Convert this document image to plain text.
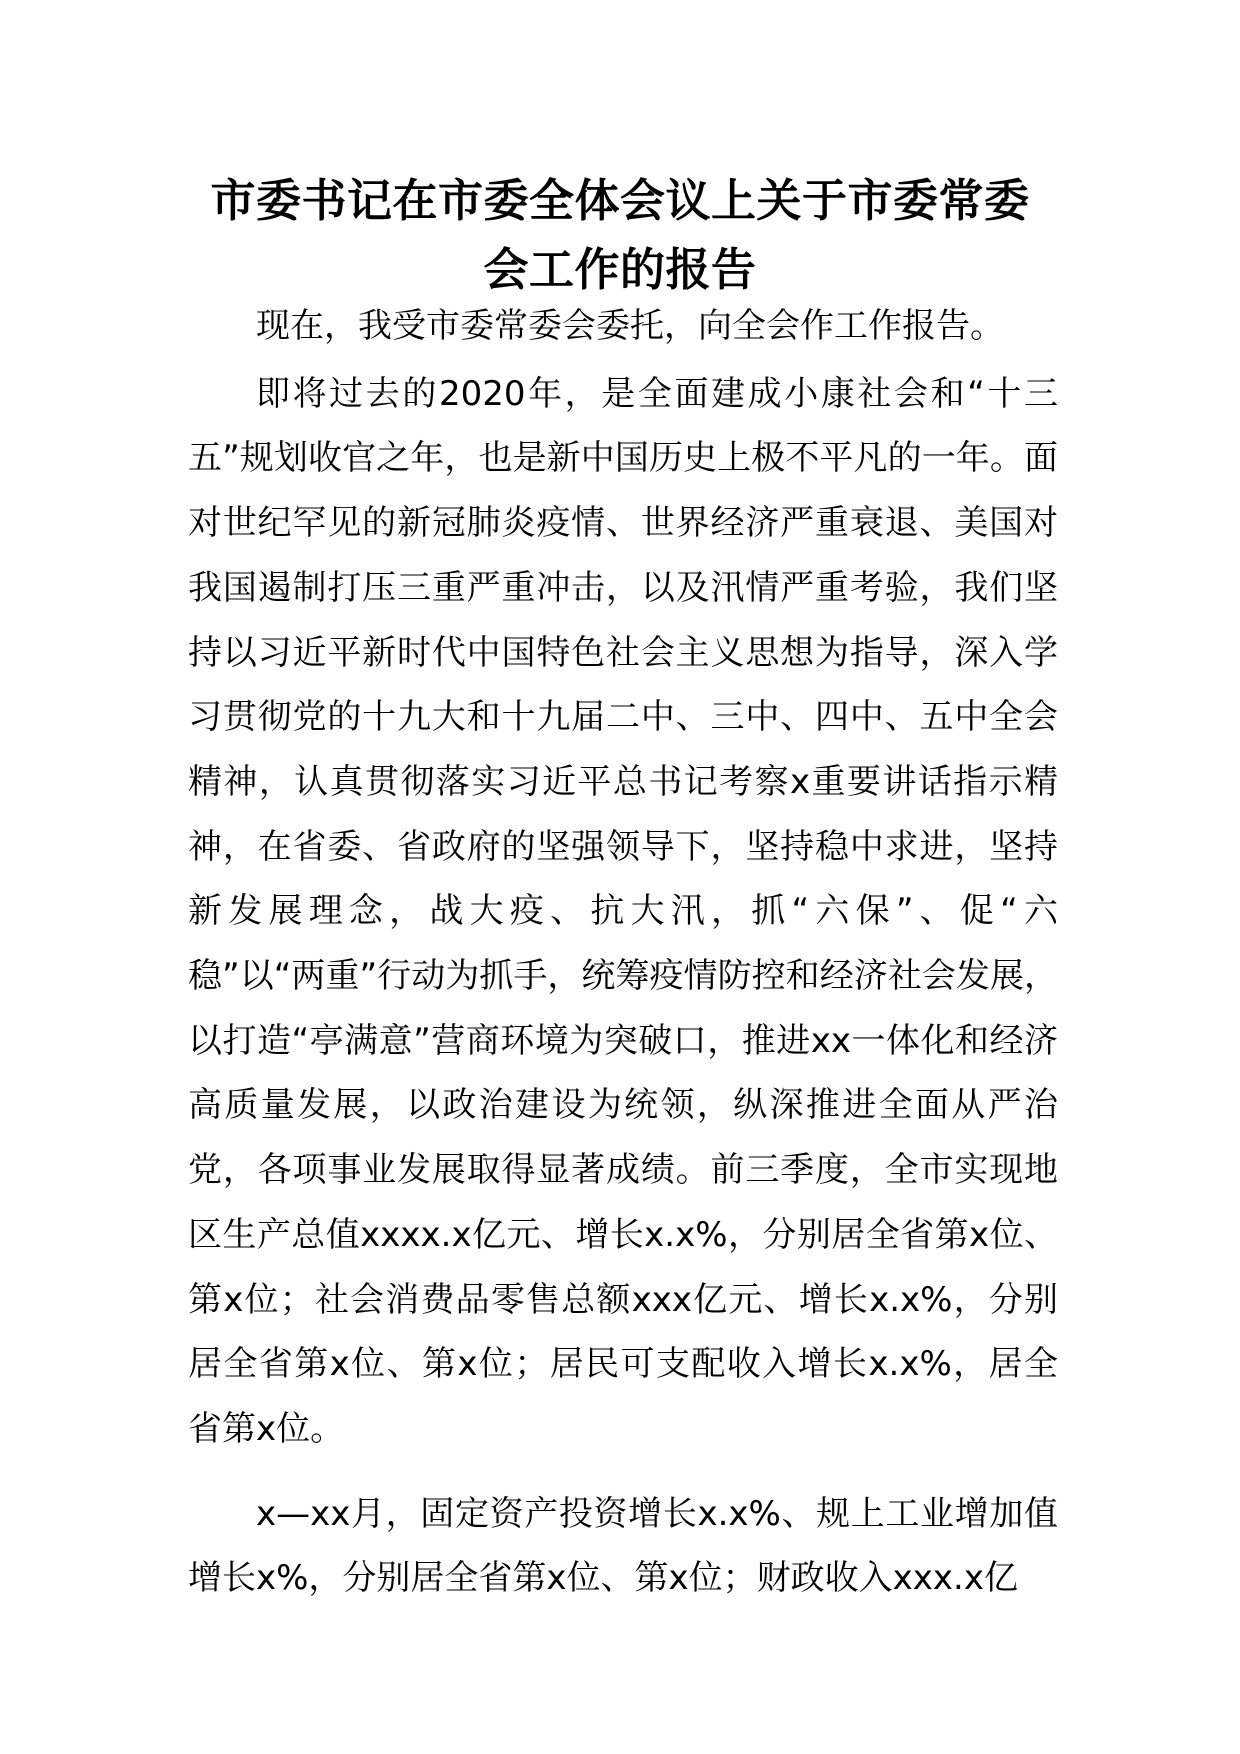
市委书记在市委全体会议上关于市委常委
会工作的报告

现在，我受市委常委会委托，向全会作工作报告。

即将过去的2020年，是全面建成小康社会和“十三五”规划收官之年，也是新中国历史上极不平凡的一年。面对世纪罕见的新冠肺炎疫情、世界经济严重衰退、美国对我国遏制打压三重严重冲击，以及汛情严重考验，我们坚持以习近平新时代中国特色社会主义思想为指导，深入学习贯彻党的十九大和十九届二中、三中、四中、五中全会精神，认真贯彻落实习近平总书记考察x重要讲话指示精神，在省委、省政府的坚强领导下，坚持稳中求进，坚持新发展理念，战大疫、抗大汛，抓“六保”、促“六稳”以“两重”行动为抓手，统筹疫情防控和经济社会发展，以打造“亭满意”营商环境为突破口，推进xx一体化和经济高质量发展，以政治建设为统领，纵深推进全面从严治党，各项事业发展取得显著成绩。前三季度，全市实现地区生产总值xxxx.x亿元、增长x.x%，分别居全省第x位、第x位；社会消费品零售总额xxx亿元、增长x.x%，分别居全省第x位、第x位；居民可支配收入增长x.x%，居全省第x位。

x—xx月，固定资产投资增长x.x%、规上工业增加值增长x%，分别居全省第x位、第x位；财政收入xxx.x亿
